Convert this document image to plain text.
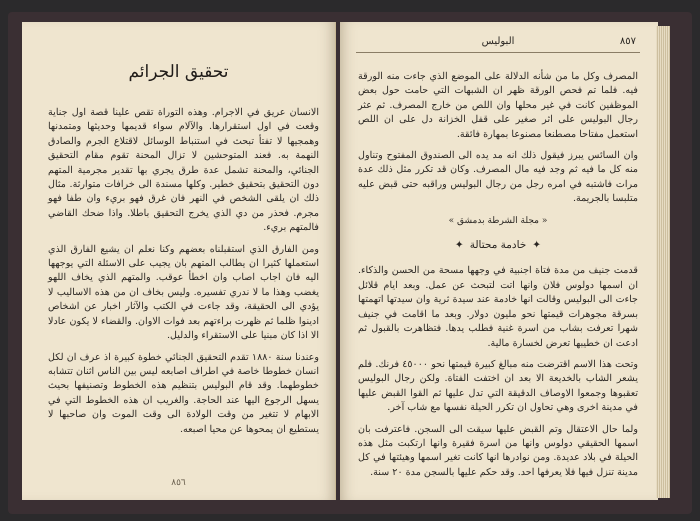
تحقيق الجرائم

الانسان عريق في الاجرام. وهذه التوراة تقص علينا قصة اول جناية وقعت في اول استقرارها. والآلام سواء قديمها وحديثها ومتمدنها وهمجيها لا تفتأ تبحث في استنباط الوسائل لاقتلاع الجرم والصادق النهمة به. فعند المتوحشين لا تزال المحنة تقوم مقام التحقيق الجنائي، والمحنة تشمل عدة طرق يجري بها تقدير مجرمية المتهم دون التحقيق بتحقيق خطير. وكلها مسندة الى خرافات متوارثة. مثال ذلك ان يلقى الشخص في النهر فان غرق فهو بريء وان طفا فهو مجرم. فحذر من دي الذي يخرج التحقيق باطلا. واذا ضحك القاضي فالمتهم بريء.

ومن الفارق الذي استقبلناه بعضهم وكنا نعلم ان يشيع الفارق الذي استعملها كثيرا ان يطالب المتهم بان يجيب على الاسئلة التي يوجهها اليه فان اجاب اصاب وان اخطأ عوقب. والمتهم الذي يخاف اللهو يغضب وهذا ما لا ندري تفسيره. وليس بخاف ان من هذه الاساليب لا يؤدي الى الحقيقة، وقد جاءت في الكتب والآثار اخبار عن اشخاص ادينوا ظلما ثم ظهرت براءتهم بعد فوات الاوان. والقضاء لا يكون عادلا الا اذا كان مبنيا على الاستقراء والدليل.

وعندنا سنة ١٨٨٠ تقدم التحقيق الجنائي خطوة كبيرة اذ عرف ان لكل انسان خطوطا خاصة في اطراف اصابعه ليس بين الناس اثنان تتشابه خطوطهما. وقد قام البوليس بتنظيم هذه الخطوط وتصنيفها بحيث يسهل الرجوع اليها عند الحاجة. والغريب ان هذه الخطوط التي في الابهام لا تتغير من وقت الولادة الى وقت الموت وان صاحبها لا يستطيع ان يمحوها عن محيا اصبعه.

٨٥٦
٨٥٧
البوليس

المصرف وكل ما من شأنه الدلالة على الموضع الذي جاءت منه الورقة فيه. فلما تم فحص الورقة ظهر ان الشبهات التي حامت حول بعض الموظفين كانت في غير محلها وان اللص من خارج المصرف. ثم عثر رجال البوليس على اثر صغير على قفل الخزانة دل على ان اللص استعمل مفتاحا مصطنعا مصنوعا بمهارة فائقة.

وان السائس يبرز فيقول ذلك انه مد يده الى الصندوق المفتوح وتناول منه كل ما فيه ثم وجد فيه مال المصرف. وكان قد تكرر مثل ذلك عدة مرات فاشتبه في امره رجل من رجال البوليس وراقبه حتى قبض عليه متلبسا بالجريمة.

« مجلة الشرطة بدمشق »
✦خادمة محتالة✦

قدمت جنيف من مدة فتاة اجنبية في وجهها مسحة من الحسن والذكاء. ان اسمها دولوس فلان وانها اتت لتبحث عن عمل. وبعد ايام قلائل جاءت الى البوليس وقالت انها خادمة عند سيدة ثرية وان سيدتها اتهمتها بسرقة مجوهرات قيمتها نحو مليون دولار. وبعد ما اقامت في جنيف شهرا تعرفت بشاب من اسرة غنية فطلب يدها. فتظاهرت بالقبول ثم ادعت ان خطيبها تعرض لخسارة مالية.

وتحت هذا الاسم اقترضت منه مبالغ كبيرة قيمتها نحو ٤٥٠٠٠ فرنك. فلم يشعر الشاب بالخديعة الا بعد ان اختفت الفتاة. ولكن رجال البوليس تعقبوها وجمعوا الاوصاف الدقيقة التي تدل عليها ثم القوا القبض عليها في مدينة اخرى وهي تحاول ان تكرر الحيلة نفسها مع شاب آخر.

ولما حال الاعتقال وتم القبض عليها سيقت الى السجن. فاعترفت بان اسمها الحقيقي دولوس وانها من اسرة فقيرة وانها ارتكبت مثل هذه الحيلة في بلاد عديدة. ومن نوادرها انها كانت تغير اسمها وهيئتها في كل مدينة تنزل فيها فلا يعرفها احد. وقد حكم عليها بالسجن مدة ٢٠ سنة.
